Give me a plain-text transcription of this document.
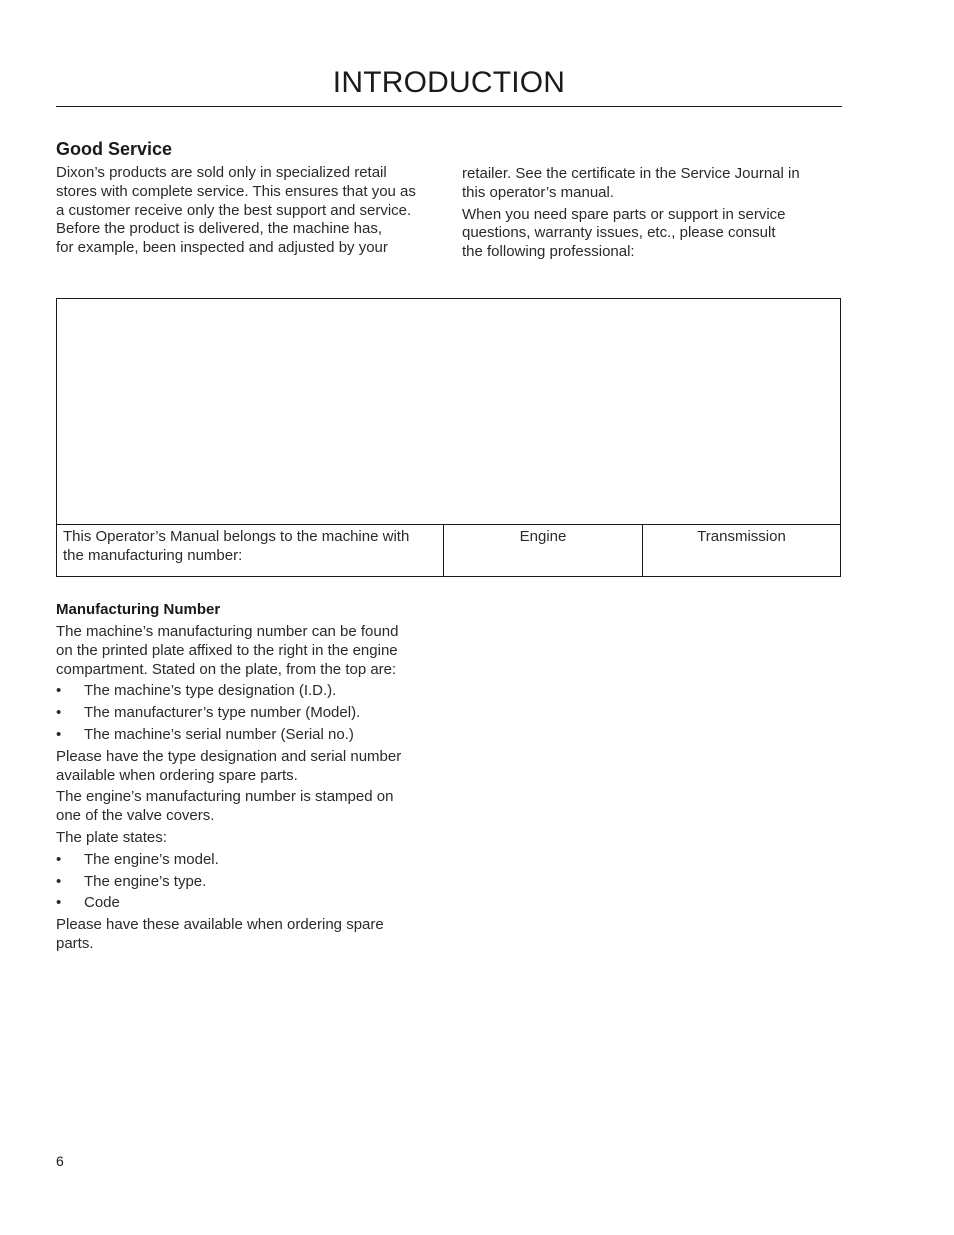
INTRODUCTION
Good Service

Dixon’s products are sold only in specialized retail
stores with complete service. This ensures that you as
a customer receive only the best support and service.
Before the product is delivered, the machine has,
for example, been inspected and adjusted by your

retailer. See the certificate in the Service Journal in
this operator’s manual.

When you need spare parts or support in service
questions, warranty issues, etc., please consult
the following professional:

This Operator’s Manual belongs to the machine with
the manufacturing number:
Engine	Transmission
Manufacturing Number

The machine’s manufacturing number can be found
on the printed plate affixed to the right in the engine
compartment. Stated on the plate, from the top are:

• The machine’s type designation (I.D.).

• The manufacturer’s type number (Model).

• The machine’s serial number (Serial no.)

Please have the type designation and serial number
available when ordering spare parts.

The engine’s manufacturing number is stamped on
one of the valve covers.

The plate states:

• The engine’s model.

• The engine’s type.

• Code

Please have these available when ordering spare
parts.

6
